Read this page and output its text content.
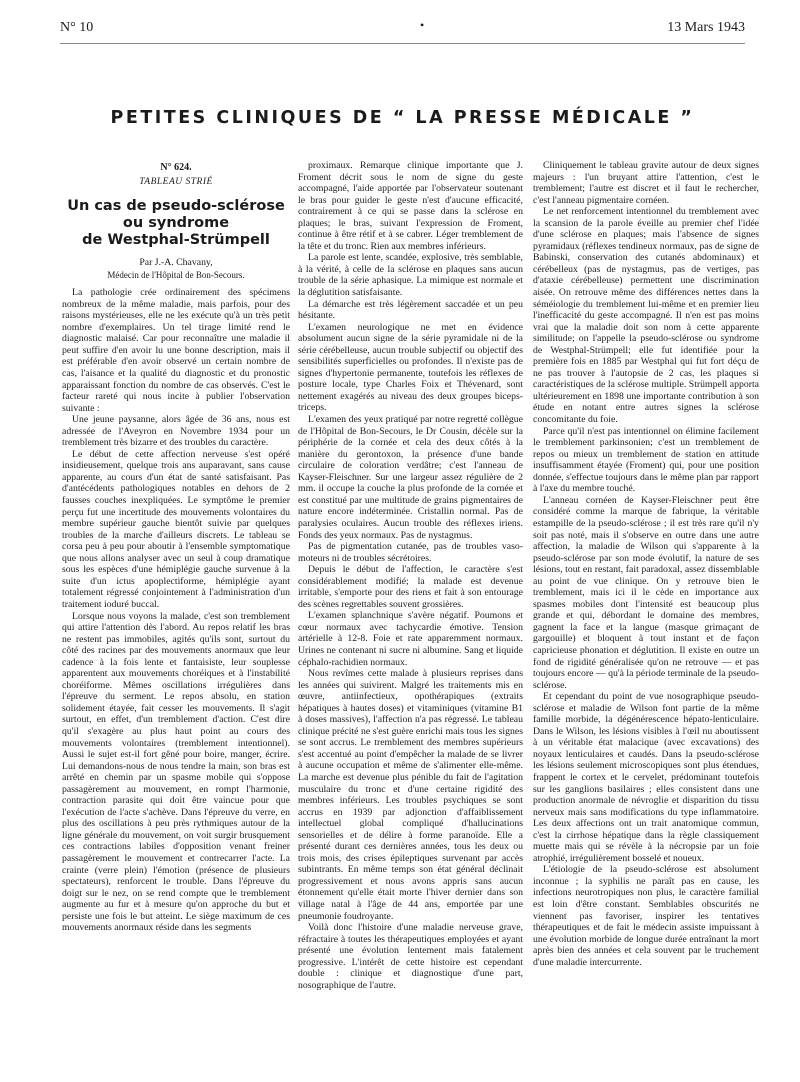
N° 10	•	13 Mars 1943
PETITES CLINIQUES DE “ LA PRESSE MÉDICALE ”
N° 624.
TABLEAU STRIÉ
Un cas de pseudo-sclérose
ou syndrome
de Westphal-Strümpell
Par J.-A. Chavany,
Médecin de l'Hôpital de Bon-Secours.

La pathologie crée ordinairement des spécimens nombreux de la même maladie, mais parfois, pour des raisons mystérieuses, elle ne les exécute qu'à un très petit nombre d'exemplaires. Un tel tirage limité rend le diagnostic malaisé. Car pour reconnaître une maladie il peut suffire d'en avoir lu une bonne description, mais il est préférable d'en avoir observé un certain nombre de cas, l'aisance et la qualité du diagnostic et du pronostic apparaissant fonction du nombre de cas observés. C'est le facteur rareté qui nous incite à publier l'observation suivante :

Une jeune paysanne, alors âgée de 36 ans, nous est adressée de l'Aveyron en Novembre 1934 pour un tremblement très bizarre et des troubles du caractère.

Le début de cette affection nerveuse s'est opéré insidieusement, quelque trois ans auparavant, sans cause apparente, au cours d'un état de santé satisfaisant. Pas d'antécédents pathologiques notables en dehors de 2 fausses couches inexpliquées. Le symptôme le premier perçu fut une incertitude des mouvements volontaires du membre supérieur gauche bientôt suivie par quelques troubles de la marche d'ailleurs discrets. Le tableau se corsa peu à peu pour aboutir à l'ensemble symptomatique que nous allons analyser avec un seul à coup dramatique sous les espèces d'une hémiplégie gauche survenue à la suite d'un ictus apoplectiforme, hémiplégie ayant totalement régressé conjointement à l'administration d'un traitement ioduré buccal.

Lorsque nous voyons la malade, c'est son tremblement qui attire l'attention dès l'abord. Au repos relatif les bras ne restent pas immobiles, agités qu'ils sont, surtout du côté des racines par des mouvements anormaux que leur cadence à la fois lente et fantaisiste, leur souplesse apparentent aux mouvements choréiques et à l'instabilité choréiforme. Mêmes oscillations irrégulières dans l'épreuve du serment. Le repos absolu, en station solidement étayée, fait cesser les mouvements. Il s'agit surtout, en effet, d'un tremblement d'action. C'est dire qu'il s'exagère au plus haut point au cours des mouvements volontaires (tremblement intentionnel). Aussi le sujet est-il fort gêné pour boire, manger, écrire. Lui demandons-nous de nous tendre la main, son bras est arrêté en chemin par un spasme mobile qui s'oppose passagèrement au mouvement, en rompt l'harmonie, contraction parasite qui doit être vaincue pour que l'exécution de l'acte s'achève. Dans l'épreuve du verre, en plus des oscillations à peu près rythmiques autour de la ligne générale du mouvement, on voit surgir brusquement ces contractions labiles d'opposition venant freiner passagèrement le mouvement et contrecarrer l'acte. La crainte (verre plein) l'émotion (présence de plusieurs spectateurs), renforcent le trouble. Dans l'épreuve du doigt sur le nez, on se rend compte que le tremblement augmente au fur et à mesure qu'on approche du but et persiste une fois le but atteint. Le siège maximum de ces mouvements anormaux réside dans les segments

proximaux. Remarque clinique importante que J. Froment décrit sous le nom de signe du geste accompagné, l'aide apportée par l'observateur soutenant le bras pour guider le geste n'est d'aucune efficacité, contrairement à ce qui se passe dans la sclérose en plaques; le bras, suivant l'expression de Froment, continue à être rétif et à se cabrer. Léger tremblement de la tête et du tronc. Rien aux membres inférieurs.

La parole est lente, scandée, explosive, très semblable, à la vérité, à celle de la sclérose en plaques sans aucun trouble de la série aphasique. La mimique est normale et la déglutition satisfaisante.

La démarche est très légèrement saccadée et un peu hésitante.

L'examen neurologique ne met en évidence absolument aucun signe de la série pyramidale ni de la série cérébelleuse, aucun trouble subjectif ou objectif des sensibilités superficielles ou profondes. Il n'existe pas de signes d'hypertonie permanente, toutefois les réflexes de posture locale, type Charles Foix et Thévenard, sont nettement exagérés au niveau des deux groupes biceps-triceps.

L'examen des yeux pratiqué par notre regretté collègue de l'Hôpital de Bon-Secours, le Dr Cousin, décèle sur la périphérie de la cornée et cela des deux côtés à la manière du gerontoxon, la présence d'une bande circulaire de coloration verdâtre; c'est l'anneau de Kayser-Fleischner. Sur une largeur assez régulière de 2 mm. il occupe la couche la plus profonde de la cornée et est constitué par une multitude de grains pigmentaires de nature encore indéterminée. Cristallin normal. Pas de paralysies oculaires. Aucun trouble des réflexes iriens. Fonds des yeux normaux. Pas de nystagmus.

Pas de pigmentation cutanée, pas de troubles vaso-moteurs ni de troubles sécrétoires.

Depuis le début de l'affection, le caractère s'est considérablement modifié; la malade est devenue irritable, s'emporte pour des riens et fait à son entourage des scènes regrettables souvent grossières.

L'examen splanchnique s'avère négatif. Poumons et cœur normaux avec tachycardie émotive. Tension artérielle à 12-8. Foie et rate apparemment normaux. Urines ne contenant ni sucre ni albumine. Sang et liquide céphalo-rachidien normaux.

Nous revîmes cette malade à plusieurs reprises dans les années qui suivirent. Malgré les traitements mis en œuvre, antiinfectieux, opothérapiques (extraits hépatiques à hautes doses) et vitaminiques (vitamine B1 à doses massives), l'affection n'a pas régressé. Le tableau clinique précité ne s'est guère enrichi mais tous les signes se sont accrus. Le tremblement des membres supérieurs s'est accentué au point d'empêcher la malade de se livrer à aucune occupation et même de s'alimenter elle-même. La marche est devenue plus pénible du fait de l'agitation musculaire du tronc et d'une certaine rigidité des membres inférieurs. Les troubles psychiques se sont accrus en 1939 par adjonction d'affaiblissement intellectuel global compliqué d'hallucinations sensorielles et de délire à forme paranoïde. Elle a présenté durant ces dernières années, tous les deux ou trois mois, des crises épileptiques survenant par accès subintrants. En même temps son état général déclinait progressivement et nous avons appris sans aucun étonnement qu'elle était morte l'hiver dernier dans son village natal à l'âge de 44 ans, emportée par une pneumonie foudroyante.

Voilà donc l'histoire d'une maladie nerveuse grave, réfractaire à toutes les thérapeutiques employées et ayant présenté une évolution lentement mais fatalement progressive. L'intérêt de cette histoire est cependant double : clinique et diagnostique d'une part, nosographique de l'autre.

Cliniquement le tableau gravite autour de deux signes majeurs : l'un bruyant attire l'attention, c'est le tremblement; l'autre est discret et il faut le rechercher, c'est l'anneau pigmentaire cornéen.

Le net renforcement intentionnel du tremblement avec la scansion de la parole éveille au premier chef l'idée d'une sclérose en plaques; mais l'absence de signes pyramidaux (réflexes tendineux normaux, pas de signe de Babinski, conservation des cutanés abdominaux) et cérébelleux (pas de nystagmus, pas de vertiges, pas d'ataxie cérébelleuse) permettent une discrimination aisée. On retrouve même des différences nettes dans la séméiologie du tremblement lui-même et en premier lieu l'inefficacité du geste accompagné. Il n'en est pas moins vrai que la maladie doit son nom à cette apparente similitude; on l'appelle la pseudo-sclérose ou syndrome de Westphal-Strümpell; elle fut identifiée pour la première fois en 1885 par Westphal qui fut fort déçu de ne pas trouver à l'autopsie de 2 cas, les plaques si caractéristiques de la sclérose multiple. Strümpell apporta ultérieurement en 1898 une importante contribution à son étude en notant entre autres signes la sclérose concomitante du foie.

Parce qu'il n'est pas intentionnel on élimine facilement le tremblement parkinsonien; c'est un tremblement de repos ou mieux un tremblement de station en attitude insuffisamment étayée (Froment) qui, pour une position donnée, s'effectue toujours dans le même plan par rapport à l'axe du membre touché.

L'anneau cornéen de Kayser-Fleischner peut être considéré comme la marque de fabrique, la véritable estampille de la pseudo-sclérose ; il est très rare qu'il n'y soit pas noté, mais il s'observe en outre dans une autre affection, la maladie de Wilson qui s'apparente à la pseudo-sclérose par son mode évolutif, la nature de ses lésions, tout en restant, fait paradoxal, assez dissemblable au point de vue clinique. On y retrouve bien le tremblement, mais ici il le cède en importance aux spasmes mobiles dont l'intensité est beaucoup plus grande et qui, débordant le domaine des membres, gagnent la face et la langue (masque grimaçant de gargouille) et bloquent à tout instant et de façon capricieuse phonation et déglutition. Il existe en outre un fond de rigidité généralisée qu'on ne retrouve — et pas toujours encore — qu'à la période terminale de la pseudo-sclérose.

Et cependant du point de vue nosographique pseudo-sclérose et maladie de Wilson font partie de la même famille morbide, la dégénérescence hépato-lenticulaire. Dans le Wilson, les lésions visibles à l'œil nu aboutissent à un véritable état malacique (avec excavations) des noyaux lenticulaires et caudés. Dans la pseudo-sclérose les lésions seulement microscopiques sont plus étendues, frappent le cortex et le cervelet, prédominant toutefois sur les ganglions basilaires ; elles consistent dans une production anormale de névroglie et disparition du tissu nerveux mais sans modifications du type inflammatoire. Les deux affections ont un trait anatomique commun, c'est la cirrhose hépatique dans la règle classiquement muette mais qui se révèle à la nécropsie par un foie atrophié, irrégulièrement bosselé et noueux.

L'étiologie de la pseudo-sclérose est absolument inconnue ; la syphilis ne paraît pas en cause, les infections neurotropiques non plus, le caractère familial est loin d'être constant. Semblables obscurités ne viennent pas favoriser, inspirer les tentatives thérapeutiques et de fait le médecin assiste impuissant à une évolution morbide de longue durée entraînant la mort après bien des années et cela souvent par le truchement d'une maladie intercurrente.
